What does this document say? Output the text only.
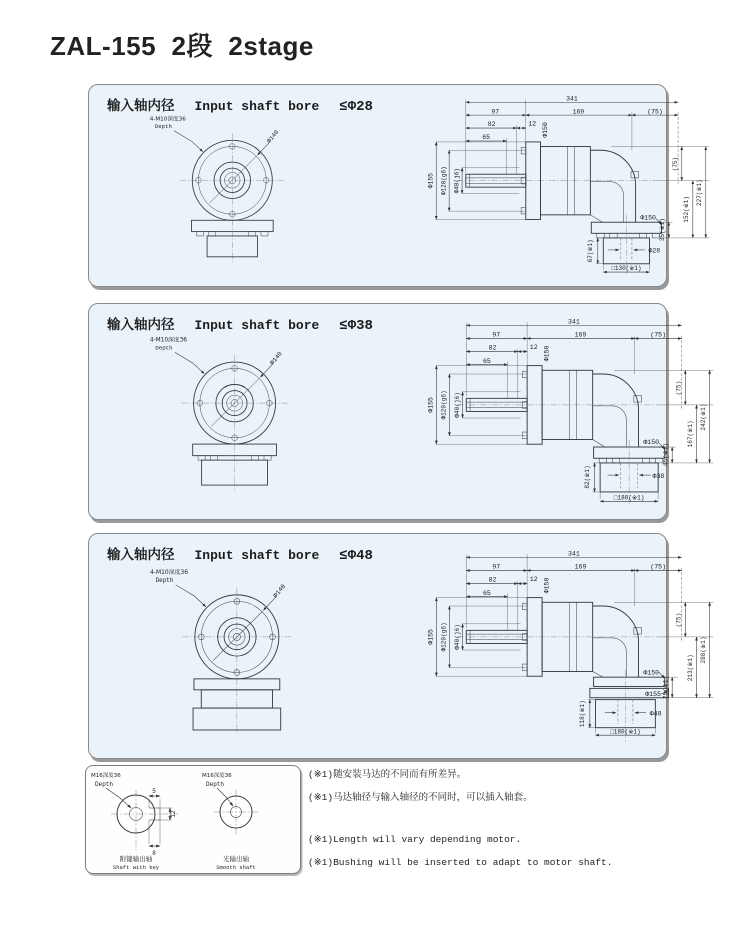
ZAL-155  2段  2stage
输入轴内径 Input shaft bore ≤Φ28
4-M10深度36
Depth
Φ140
341
97	169	(75)
82	12
65	Φ150
Φ155 Φ120(g6) Φ40(j6)
Φ28
□130(※1)
67(※1)
Φ150
35(※1)
(75)
152(※1)
227(※1)
输入轴内径 Input shaft bore ≤Φ38
4-M10深度36
Depth
Φ140
341
97	169	(75)
82	12
65	Φ150
Φ155 Φ120(g6) Φ40(j6)
Φ38
□180(※1)
82(※1)
Φ150
45(※1)
(75)
167(※1)
242(※1)
输入轴内径 Input shaft bore ≤Φ48
4-M10深度36
Depth
Φ140
341
97	169	(75)
82	12
65	Φ150
Φ155 Φ120(g6) Φ40(j6)
Φ48
□180(※1)
118(※1)
Φ150
Φ155 75(※1)
(75)
213(※1)
288(※1)
M16深度36
Depth
5
12
8
附键输出轴
Shaft with key
M16深度36
Depth
光输出轴
Smooth shaft
(※1)随安装马达的不同而有所差异。
(※1)马达轴径与输入轴径的不同时，可以插入轴套。
(※1)Length will vary depending motor.
(※1)Bushing will be inserted to adapt to motor shaft.
